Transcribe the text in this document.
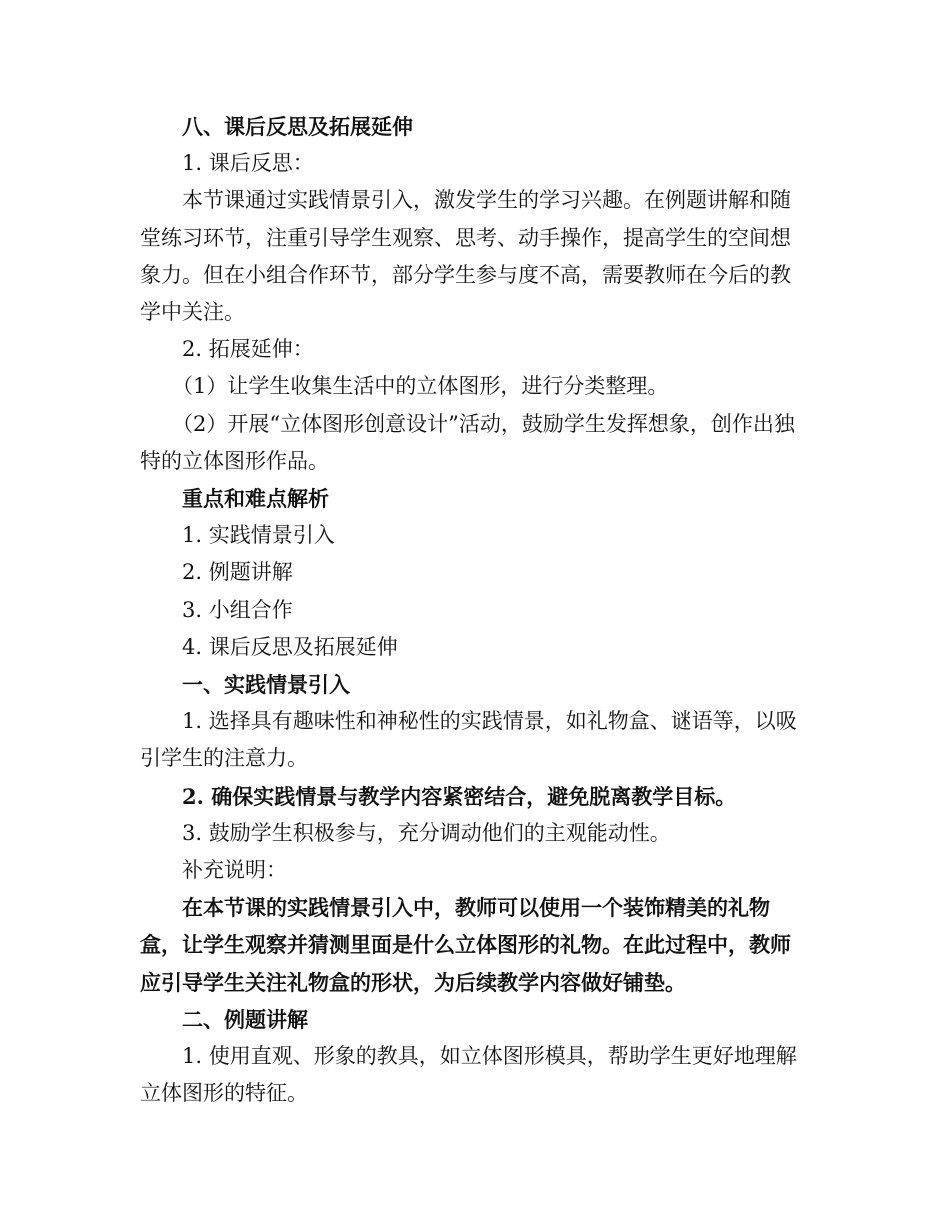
八、课后反思及拓展延伸

1. 课后反思：

本节课通过实践情景引入，激发学生的学习兴趣。在例题讲解和随堂练习环节，注重引导学生观察、思考、动手操作，提高学生的空间想象力。但在小组合作环节，部分学生参与度不高，需要教师在今后的教学中关注。

2. 拓展延伸：

（1）让学生收集生活中的立体图形，进行分类整理。

（2）开展“立体图形创意设计”活动，鼓励学生发挥想象，创作出独特的立体图形作品。

重点和难点解析

1. 实践情景引入

2. 例题讲解

3. 小组合作

4. 课后反思及拓展延伸

一、实践情景引入

1. 选择具有趣味性和神秘性的实践情景，如礼物盒、谜语等，以吸引学生的注意力。

2. 确保实践情景与教学内容紧密结合，避免脱离教学目标。

3. 鼓励学生积极参与，充分调动他们的主观能动性。

补充说明：

在本节课的实践情景引入中，教师可以使用一个装饰精美的礼物盒，让学生观察并猜测里面是什么立体图形的礼物。在此过程中，教师应引导学生关注礼物盒的形状，为后续教学内容做好铺垫。

二、例题讲解

1. 使用直观、形象的教具，如立体图形模具，帮助学生更好地理解立体图形的特征。
